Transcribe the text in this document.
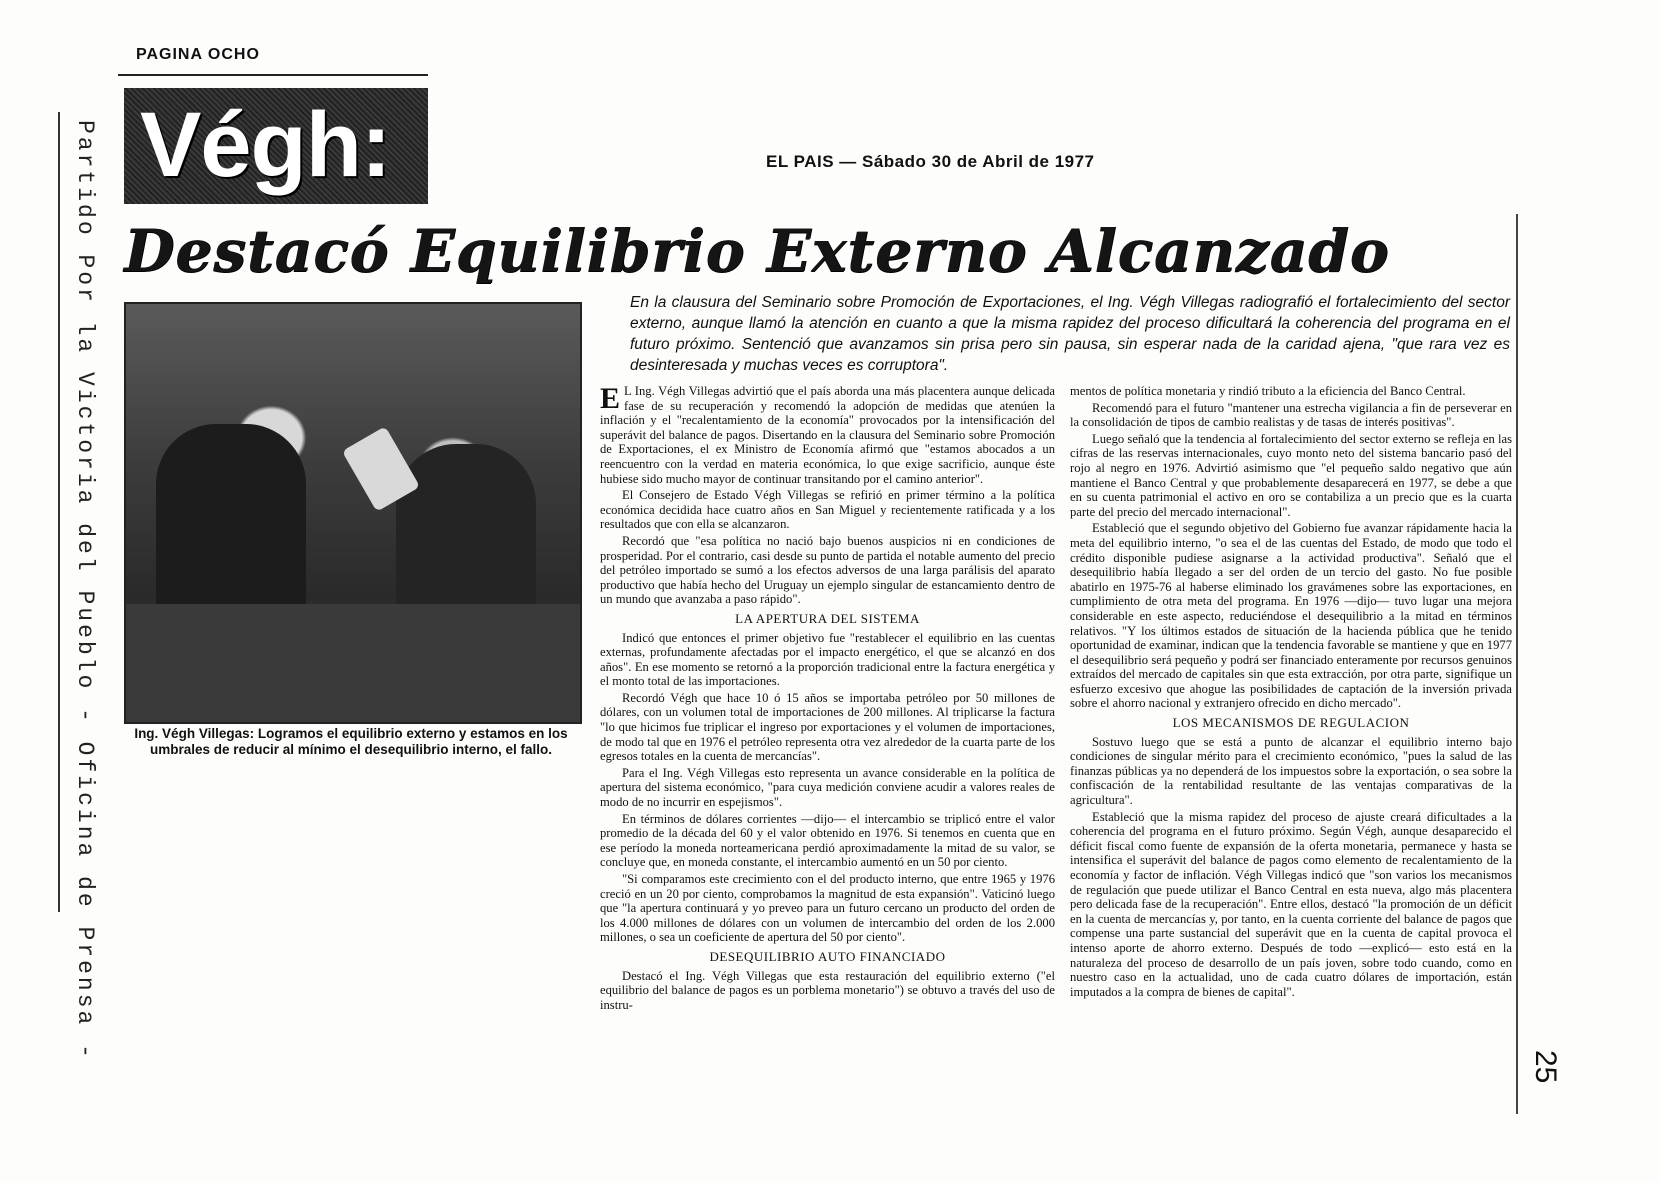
Partido Por la Victoria del Pueblo - Oficina de Prensa -
PAGINA OCHO
Végh:	EL PAIS — Sábado 30 de Abril de 1977
Destacó Equilibrio Externo Alcanzado
Ing. Végh Villegas: Logramos el equilibrio externo y estamos en los umbrales de reducir al mínimo el desequilibrio interno, el fallo.
En la clausura del Seminario sobre Promoción de Exportaciones, el Ing. Végh Villegas radiografió el fortalecimiento del sector externo, aunque llamó la atención en cuanto a que la misma rapidez del proceso dificultará la coherencia del programa en el futuro próximo. Sentenció que avanzamos sin prisa pero sin pausa, sin esperar nada de la caridad ajena, "que rara vez es desinteresada y muchas veces es corruptora".

E L Ing. Végh Villegas advirtió que el país aborda una más placentera aunque delicada fase de su recuperación y recomendó la adopción de medidas que atenúen la inflación y el "recalentamiento de la economía" provocados por la intensificación del superávit del balance de pagos. Disertando en la clausura del Seminario sobre Promoción de Exportaciones, el ex Ministro de Economía afirmó que "estamos abocados a un reencuentro con la verdad en materia económica, lo que exige sacrificio, aunque éste hubiese sido mucho mayor de continuar transitando por el camino anterior".

El Consejero de Estado Végh Villegas se refirió en primer término a la política económica decidida hace cuatro años en San Miguel y recientemente ratificada y a los resultados que con ella se alcanzaron.

Recordó que "esa política no nació bajo buenos auspicios ni en condiciones de prosperidad. Por el contrario, casi desde su punto de partida el notable aumento del precio del petróleo importado se sumó a los efectos adversos de una larga parálisis del aparato productivo que había hecho del Uruguay un ejemplo singular de estancamiento dentro de un mundo que avanzaba a paso rápido".

LA APERTURA DEL SISTEMA

Indicó que entonces el primer objetivo fue "restablecer el equilibrio en las cuentas externas, profundamente afectadas por el impacto energético, el que se alcanzó en dos años". En ese momento se retornó a la proporción tradicional entre la factura energética y el monto total de las importaciones.

Recordó Végh que hace 10 ó 15 años se importaba petróleo por 50 millones de dólares, con un volumen total de importaciones de 200 millones. Al triplicarse la factura "lo que hicimos fue triplicar el ingreso por exportaciones y el volumen de importaciones, de modo tal que en 1976 el petróleo representa otra vez alrededor de la cuarta parte de los egresos totales en la cuenta de mercancías".

Para el Ing. Végh Villegas esto representa un avance considerable en la política de apertura del sistema económico, "para cuya medición conviene acudir a valores reales de modo de no incurrir en espejismos".

En términos de dólares corrientes —dijo— el intercambio se triplicó entre el valor promedio de la década del 60 y el valor obtenido en 1976. Si tenemos en cuenta que en ese período la moneda norteamericana perdió aproximadamente la mitad de su valor, se concluye que, en moneda constante, el intercambio aumentó en un 50 por ciento.

"Si comparamos este crecimiento con el del producto interno, que entre 1965 y 1976 creció en un 20 por ciento, comprobamos la magnitud de esta expansión". Vaticinó luego que "la apertura continuará y yo preveo para un futuro cercano un producto del orden de los 4.000 millones de dólares con un volumen de intercambio del orden de los 2.000 millones, o sea un coeficiente de apertura del 50 por ciento".

DESEQUILIBRIO AUTO FINANCIADO

Destacó el Ing. Végh Villegas que esta restauración del equilibrio externo ("el equilibrio del balance de pagos es un porblema monetario") se obtuvo a través del uso de instru-

mentos de política monetaria y rindió tributo a la eficiencia del Banco Central.

Recomendó para el futuro "mantener una estrecha vigilancia a fin de perseverar en la consolidación de tipos de cambio realistas y de tasas de interés positivas".

Luego señaló que la tendencia al fortalecimiento del sector externo se refleja en las cifras de las reservas internacionales, cuyo monto neto del sistema bancario pasó del rojo al negro en 1976. Advirtió asimismo que "el pequeño saldo negativo que aún mantiene el Banco Central y que probablemente desaparecerá en 1977, se debe a que en su cuenta patrimonial el activo en oro se contabiliza a un precio que es la cuarta parte del precio del mercado internacional".

Estableció que el segundo objetivo del Gobierno fue avanzar rápidamente hacia la meta del equilibrio interno, "o sea el de las cuentas del Estado, de modo que todo el crédito disponible pudiese asignarse a la actividad productiva". Señaló que el desequilibrio había llegado a ser del orden de un tercio del gasto. No fue posible abatirlo en 1975-76 al haberse eliminado los gravámenes sobre las exportaciones, en cumplimiento de otra meta del programa. En 1976 —dijo— tuvo lugar una mejora considerable en este aspecto, reduciéndose el desequilibrio a la mitad en términos relativos. "Y los últimos estados de situación de la hacienda pública que he tenido oportunidad de examinar, indican que la tendencia favorable se mantiene y que en 1977 el desequilibrio será pequeño y podrá ser financiado enteramente por recursos genuinos extraídos del mercado de capitales sin que esta extracción, por otra parte, signifique un esfuerzo excesivo que ahogue las posibilidades de captación de la inversión privada sobre el ahorro nacional y extranjero ofrecido en dicho mercado".

LOS MECANISMOS DE REGULACION

Sostuvo luego que se está a punto de alcanzar el equilibrio interno bajo condiciones de singular mérito para el crecimiento económico, "pues la salud de las finanzas públicas ya no dependerá de los impuestos sobre la exportación, o sea sobre la confiscación de la rentabilidad resultante de las ventajas comparativas de la agricultura".

Estableció que la misma rapidez del proceso de ajuste creará dificultades a la coherencia del programa en el futuro próximo. Según Végh, aunque desaparecido el déficit fiscal como fuente de expansión de la oferta monetaria, permanece y hasta se intensifica el superávit del balance de pagos como elemento de recalentamiento de la economía y factor de inflación. Végh Villegas indicó que "son varios los mecanismos de regulación que puede utilizar el Banco Central en esta nueva, algo más placentera pero delicada fase de la recuperación". Entre ellos, destacó "la promoción de un déficit en la cuenta de mercancías y, por tanto, en la cuenta corriente del balance de pagos que compense una parte sustancial del superávit que en la cuenta de capital provoca el intenso aporte de ahorro externo. Después de todo —explicó— esto está en la naturaleza del proceso de desarrollo de un país joven, sobre todo cuando, como en nuestro caso en la actualidad, uno de cada cuatro dólares de importación, están imputados a la compra de bienes de capital".

25
